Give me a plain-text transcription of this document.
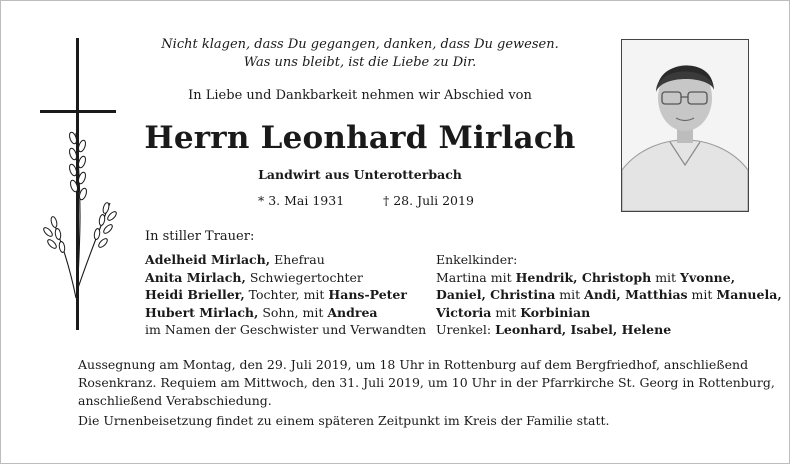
Nicht klagen, dass Du gegangen, danken, dass Du gewesen.
Was uns bleibt, ist die Liebe zu Dir.
In Liebe und Dankbarkeit nehmen wir Abschied von
Herrn Leonhard Mirlach
Landwirt aus Unterotterbach
* 3. Mai 1931	† 28. Juli 2019
In stiller Trauer:
Adelheid Mirlach, Ehefrau
Anita Mirlach, Schwiegertochter
Heidi Brieller, Tochter, mit Hans-Peter
Hubert Mirlach, Sohn, mit Andrea
im Namen der Geschwister und Verwandten
Enkelkinder:
Martina mit Hendrik, Christoph mit Yvonne,
Daniel, Christina mit Andi, Matthias mit Manuela,
Victoria mit Korbinian
Urenkel: Leonhard, Isabel, Helene
Aussegnung am Montag, den 29. Juli 2019, um 18 Uhr in Rottenburg auf dem Bergfriedhof, anschließend Rosenkranz. Requiem am Mittwoch, den 31. Juli 2019, um 10 Uhr in der Pfarrkirche St. Georg in Rottenburg, anschließend Verabschiedung.
Die Urnenbeisetzung findet zu einem späteren Zeitpunkt im Kreis der Familie statt.
